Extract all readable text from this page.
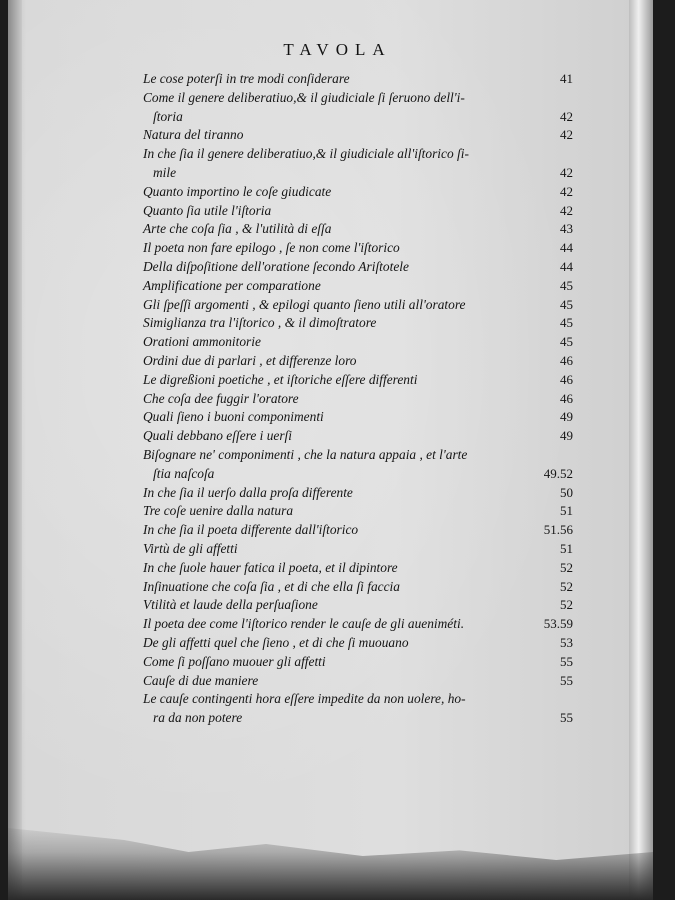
TAVOLA
Le cose poterſi in tre modi conſiderare	41
Come il genere deliberatiuo,& il giudiciale ſi ſeruono dell'i-
ſtoria	42
Natura del tiranno	42
In che ſia il genere deliberatiuo,& il giudiciale all'iſtorico ſi-
mile	42
Quanto importino le coſe giudicate	42
Quanto ſia utile l'iſtoria	42
Arte che coſa ſia , & l'utilità di eſſa	43
Il poeta non fare epilogo , ſe non come l'iſtorico	44
Della diſpoſitione dell'oratione ſecondo Ariſtotele	44
Amplificatione per comparatione	45
Gli ſpeſſi argomenti , & epilogi quanto ſieno utili all'oratore	45
Simiglianza tra l'iſtorico , & il dimoſtratore	45
Orationi ammonitorie	45
Ordini due di parlari , et differenze loro	46
Le digreßioni poetiche , et iſtoriche eſſere differenti	46
Che coſa dee fuggir l'oratore	46
Quali ſieno i buoni componimenti	49
Quali debbano eſſere i uerſi	49
Biſognare ne' componimenti , che la natura appaia , et l'arte
ſtia naſcoſa	49.52
In che ſia il uerſo dalla proſa differente	50
Tre coſe uenire dalla natura	51
In che ſia il poeta differente dall'iſtorico	51.56
Virtù de gli affetti	51
In che ſuole hauer fatica il poeta, et il dipintore	52
Inſinuatione che coſa ſia , et di che ella ſi faccia	52
Vtilità et laude della perſuaſione	52
Il poeta dee come l'iſtorico render le cauſe de gli aueniméti.	53.59
De gli affetti quel che ſieno , et di che ſi muouano	53
Come ſi poſſano muouer gli affetti	55
Cauſe di due maniere	55
Le cauſe contingenti hora eſſere impedite da non uolere, ho-
ra da non potere	55
